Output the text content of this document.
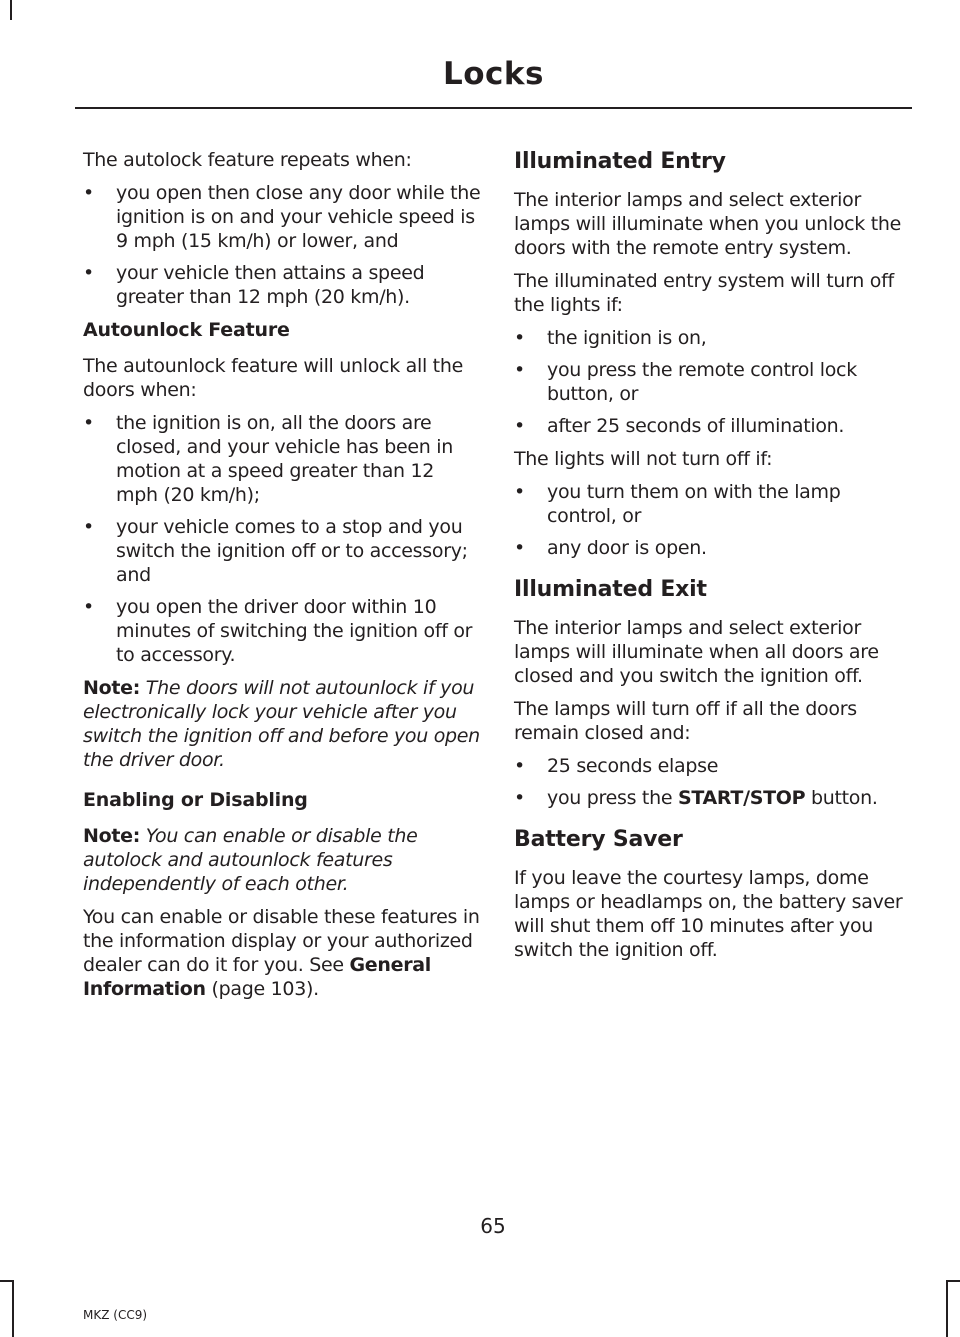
Locks

The autolock feature repeats when:

• you open then close any door while the ignition is on and your vehicle speed is 9 mph (15 km/h) or lower, and
• your vehicle then attains a speed greater than 12 mph (20 km/h).
Autounlock Feature

The autounlock feature will unlock all the doors when:

• the ignition is on, all the doors are closed, and your vehicle has been in motion at a speed greater than 12 mph (20 km/h);
• your vehicle comes to a stop and you switch the ignition off or to accessory; and
• you open the driver door within 10 minutes of switching the ignition off or to accessory.

Note: The doors will not autounlock if you electronically lock your vehicle after you switch the ignition off and before you open the driver door.

Enabling or Disabling

Note: You can enable or disable the autolock and autounlock features independently of each other.

You can enable or disable these features in the information display or your authorized dealer can do it for you. See General Information (page 103).

Illuminated Entry

The interior lamps and select exterior lamps will illuminate when you unlock the doors with the remote entry system.

The illuminated entry system will turn off the lights if:

• the ignition is on,
• you press the remote control lock button, or
• after 25 seconds of illumination.

The lights will not turn off if:

• you turn them on with the lamp control, or
• any door is open.
Illuminated Exit

The interior lamps and select exterior lamps will illuminate when all doors are closed and you switch the ignition off.

The lamps will turn off if all the doors remain closed and:

• 25 seconds elapse
• you press the START/STOP button.
Battery Saver

If you leave the courtesy lamps, dome lamps or headlamps on, the battery saver will shut them off 10 minutes after you switch the ignition off.

65
MKZ (CC9)
